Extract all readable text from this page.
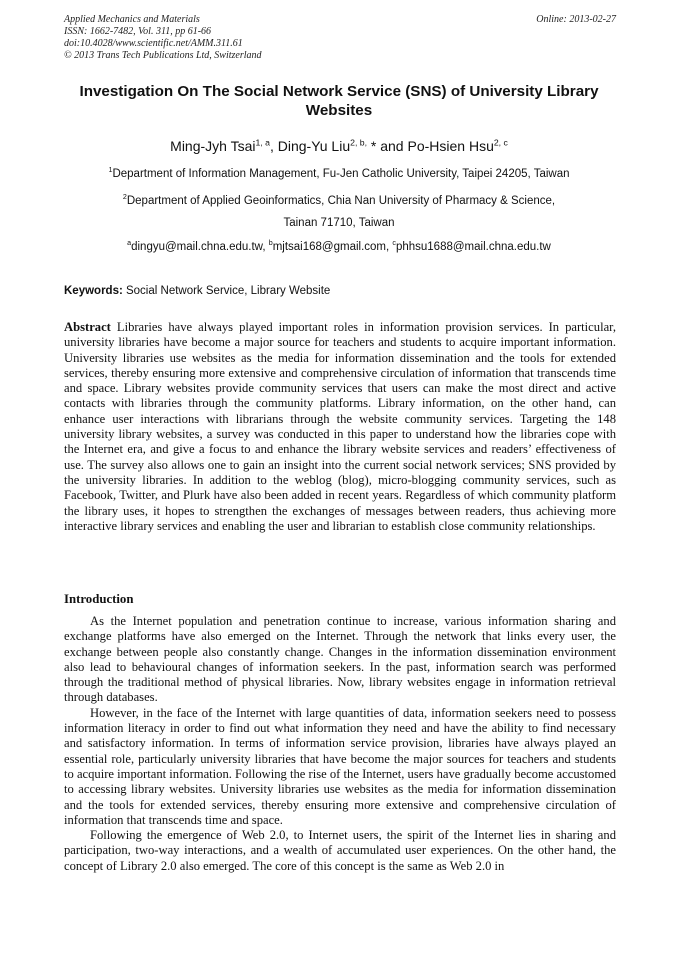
Applied Mechanics and Materials
ISSN: 1662-7482, Vol. 311, pp 61-66
doi:10.4028/www.scientific.net/AMM.311.61
© 2013 Trans Tech Publications Ltd, Switzerland
Online: 2013-02-27
Investigation On The Social Network Service (SNS) of University Library Websites
Ming-Jyh Tsai$^{1, a}$, Ding-Yu Liu$^{2, b,}$ * and Po-Hsien Hsu$^{2, c}$
$^1$Department of Information Management, Fu-Jen Catholic University, Taipei 24205, Taiwan
$^2$Department of Applied Geoinformatics, Chia Nan University of Pharmacy & Science,
Tainan 71710, Taiwan
$^a$dingyu@mail.chna.edu.tw, $^b$mjtsai168@gmail.com, $^c$phhsu1688@mail.chna.edu.tw
Keywords: Social Network Service, Library Website
Abstract Libraries have always played important roles in information provision services. In particular, university libraries have become a major source for teachers and students to acquire important information. University libraries use websites as the media for information dissemination and the tools for extended services, thereby ensuring more extensive and comprehensive circulation of information that transcends time and space. Library websites provide community services that users can make the most direct and active contacts with libraries through the community platforms. Library information, on the other hand, can enhance user interactions with librarians through the website community services. Targeting the 148 university library websites, a survey was conducted in this paper to understand how the libraries cope with the Internet era, and give a focus to and enhance the library website services and readers’ effectiveness of use. The survey also allows one to gain an insight into the current social network services; SNS provided by the university libraries. In addition to the weblog (blog), micro-blogging community services, such as Facebook, Twitter, and Plurk have also been added in recent years. Regardless of which community platform the library uses, it hopes to strengthen the exchanges of messages between readers, thus achieving more interactive library services and enabling the user and librarian to establish close community relationships.
Introduction

As the Internet population and penetration continue to increase, various information sharing and exchange platforms have also emerged on the Internet. Through the network that links every user, the exchange between people also constantly change. Changes in the information dissemination environment also lead to behavioural changes of information seekers. In the past, information search was performed through the traditional method of physical libraries. Now, library websites engage in information retrieval through databases.

However, in the face of the Internet with large quantities of data, information seekers need to possess information literacy in order to find out what information they need and have the ability to find necessary and satisfactory information. In terms of information service provision, libraries have always played an essential role, particularly university libraries that have become the major sources for teachers and students to acquire important information. Following the rise of the Internet, users have gradually become accustomed to accessing library websites. University libraries use websites as the media for information dissemination and the tools for extended services, thereby ensuring more extensive and comprehensive circulation of information that transcends time and space.

Following the emergence of Web 2.0, to Internet users, the spirit of the Internet lies in sharing and participation, two-way interactions, and a wealth of accumulated user experiences. On the other hand, the concept of Library 2.0 also emerged. The core of this concept is the same as Web 2.0 in
